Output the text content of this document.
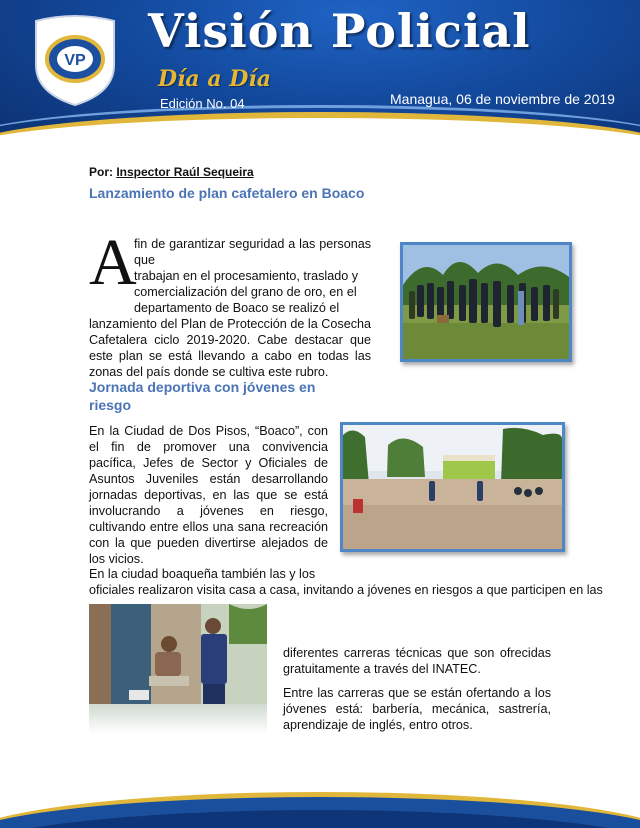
VP
Visión Policial
Día a Día
Edición No. 04	Managua, 06 de noviembre de 2019
Por: Inspector Raúl Sequeira
Lanzamiento de plan cafetalero en Boaco
A

fin de garantizar seguridad a las personas que
trabajan en el procesamiento, traslado y
comercialización del grano de oro, en el
departamento de Boaco se realizó el
lanzamiento del Plan de Protección de la Cosecha Cafetalera ciclo 2019-2020. Cabe destacar que este plan se está llevando a cabo en todas las zonas del país donde se cultiva este rubro.

Jornada deportiva con jóvenes en riesgo

En la Ciudad de Dos Pisos, “Boaco”, con el fin de promover una convivencia pacífica, Jefes de Sector y Oficiales de Asuntos Juveniles están desarrollando jornadas deportivas, en las que se está involucrando a jóvenes en riesgo, cultivando entre ellos una sana recreación con la que pueden divertirse alejados de los vicios.

En la ciudad boaqueña también las y los
oficiales realizaron visita casa a casa, invitando a jóvenes en riesgos a que participen en las

diferentes carreras técnicas que son ofrecidas gratuitamente a través del INATEC.

Entre las carreras que se están ofertando a los jóvenes está: barbería, mecánica, sastrería, aprendizaje de inglés, entro otros.
